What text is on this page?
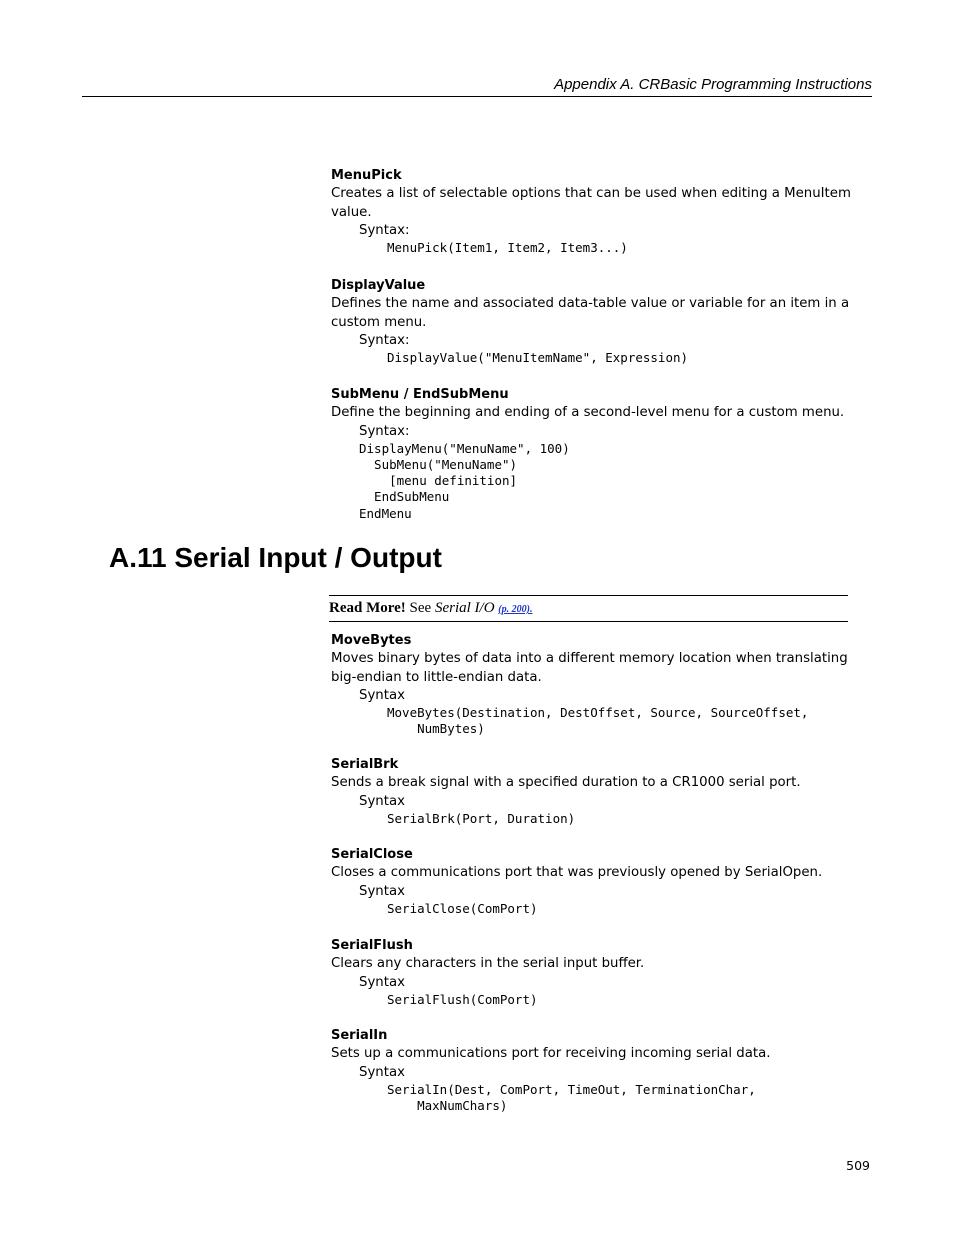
Appendix A. CRBasic Programming Instructions
MenuPick

Creates a list of selectable options that can be used when editing a MenuItem value.

Syntax:
MenuPick(Item1, Item2, Item3...)
DisplayValue

Defines the name and associated data-table value or variable for an item in a custom menu.

Syntax:
DisplayValue("MenuItemName", Expression)
SubMenu / EndSubMenu

Define the beginning and ending of a second-level menu for a custom menu.

Syntax:
DisplayMenu("MenuName", 100)
SubMenu("MenuName")
[menu definition]
EndSubMenu
EndMenu
A.11 Serial Input / Output
Read More! See Serial I/O (p. 200).
MoveBytes

Moves binary bytes of data into a different memory location when translating big-endian to little-endian data.

Syntax
MoveBytes(Destination, DestOffset, Source, SourceOffset,
NumBytes)
SerialBrk

Sends a break signal with a specified duration to a CR1000 serial port.

Syntax
SerialBrk(Port, Duration)
SerialClose

Closes a communications port that was previously opened by SerialOpen.

Syntax
SerialClose(ComPort)
SerialFlush

Clears any characters in the serial input buffer.

Syntax
SerialFlush(ComPort)
SerialIn

Sets up a communications port for receiving incoming serial data.

Syntax
SerialIn(Dest, ComPort, TimeOut, TerminationChar,
MaxNumChars)
509
